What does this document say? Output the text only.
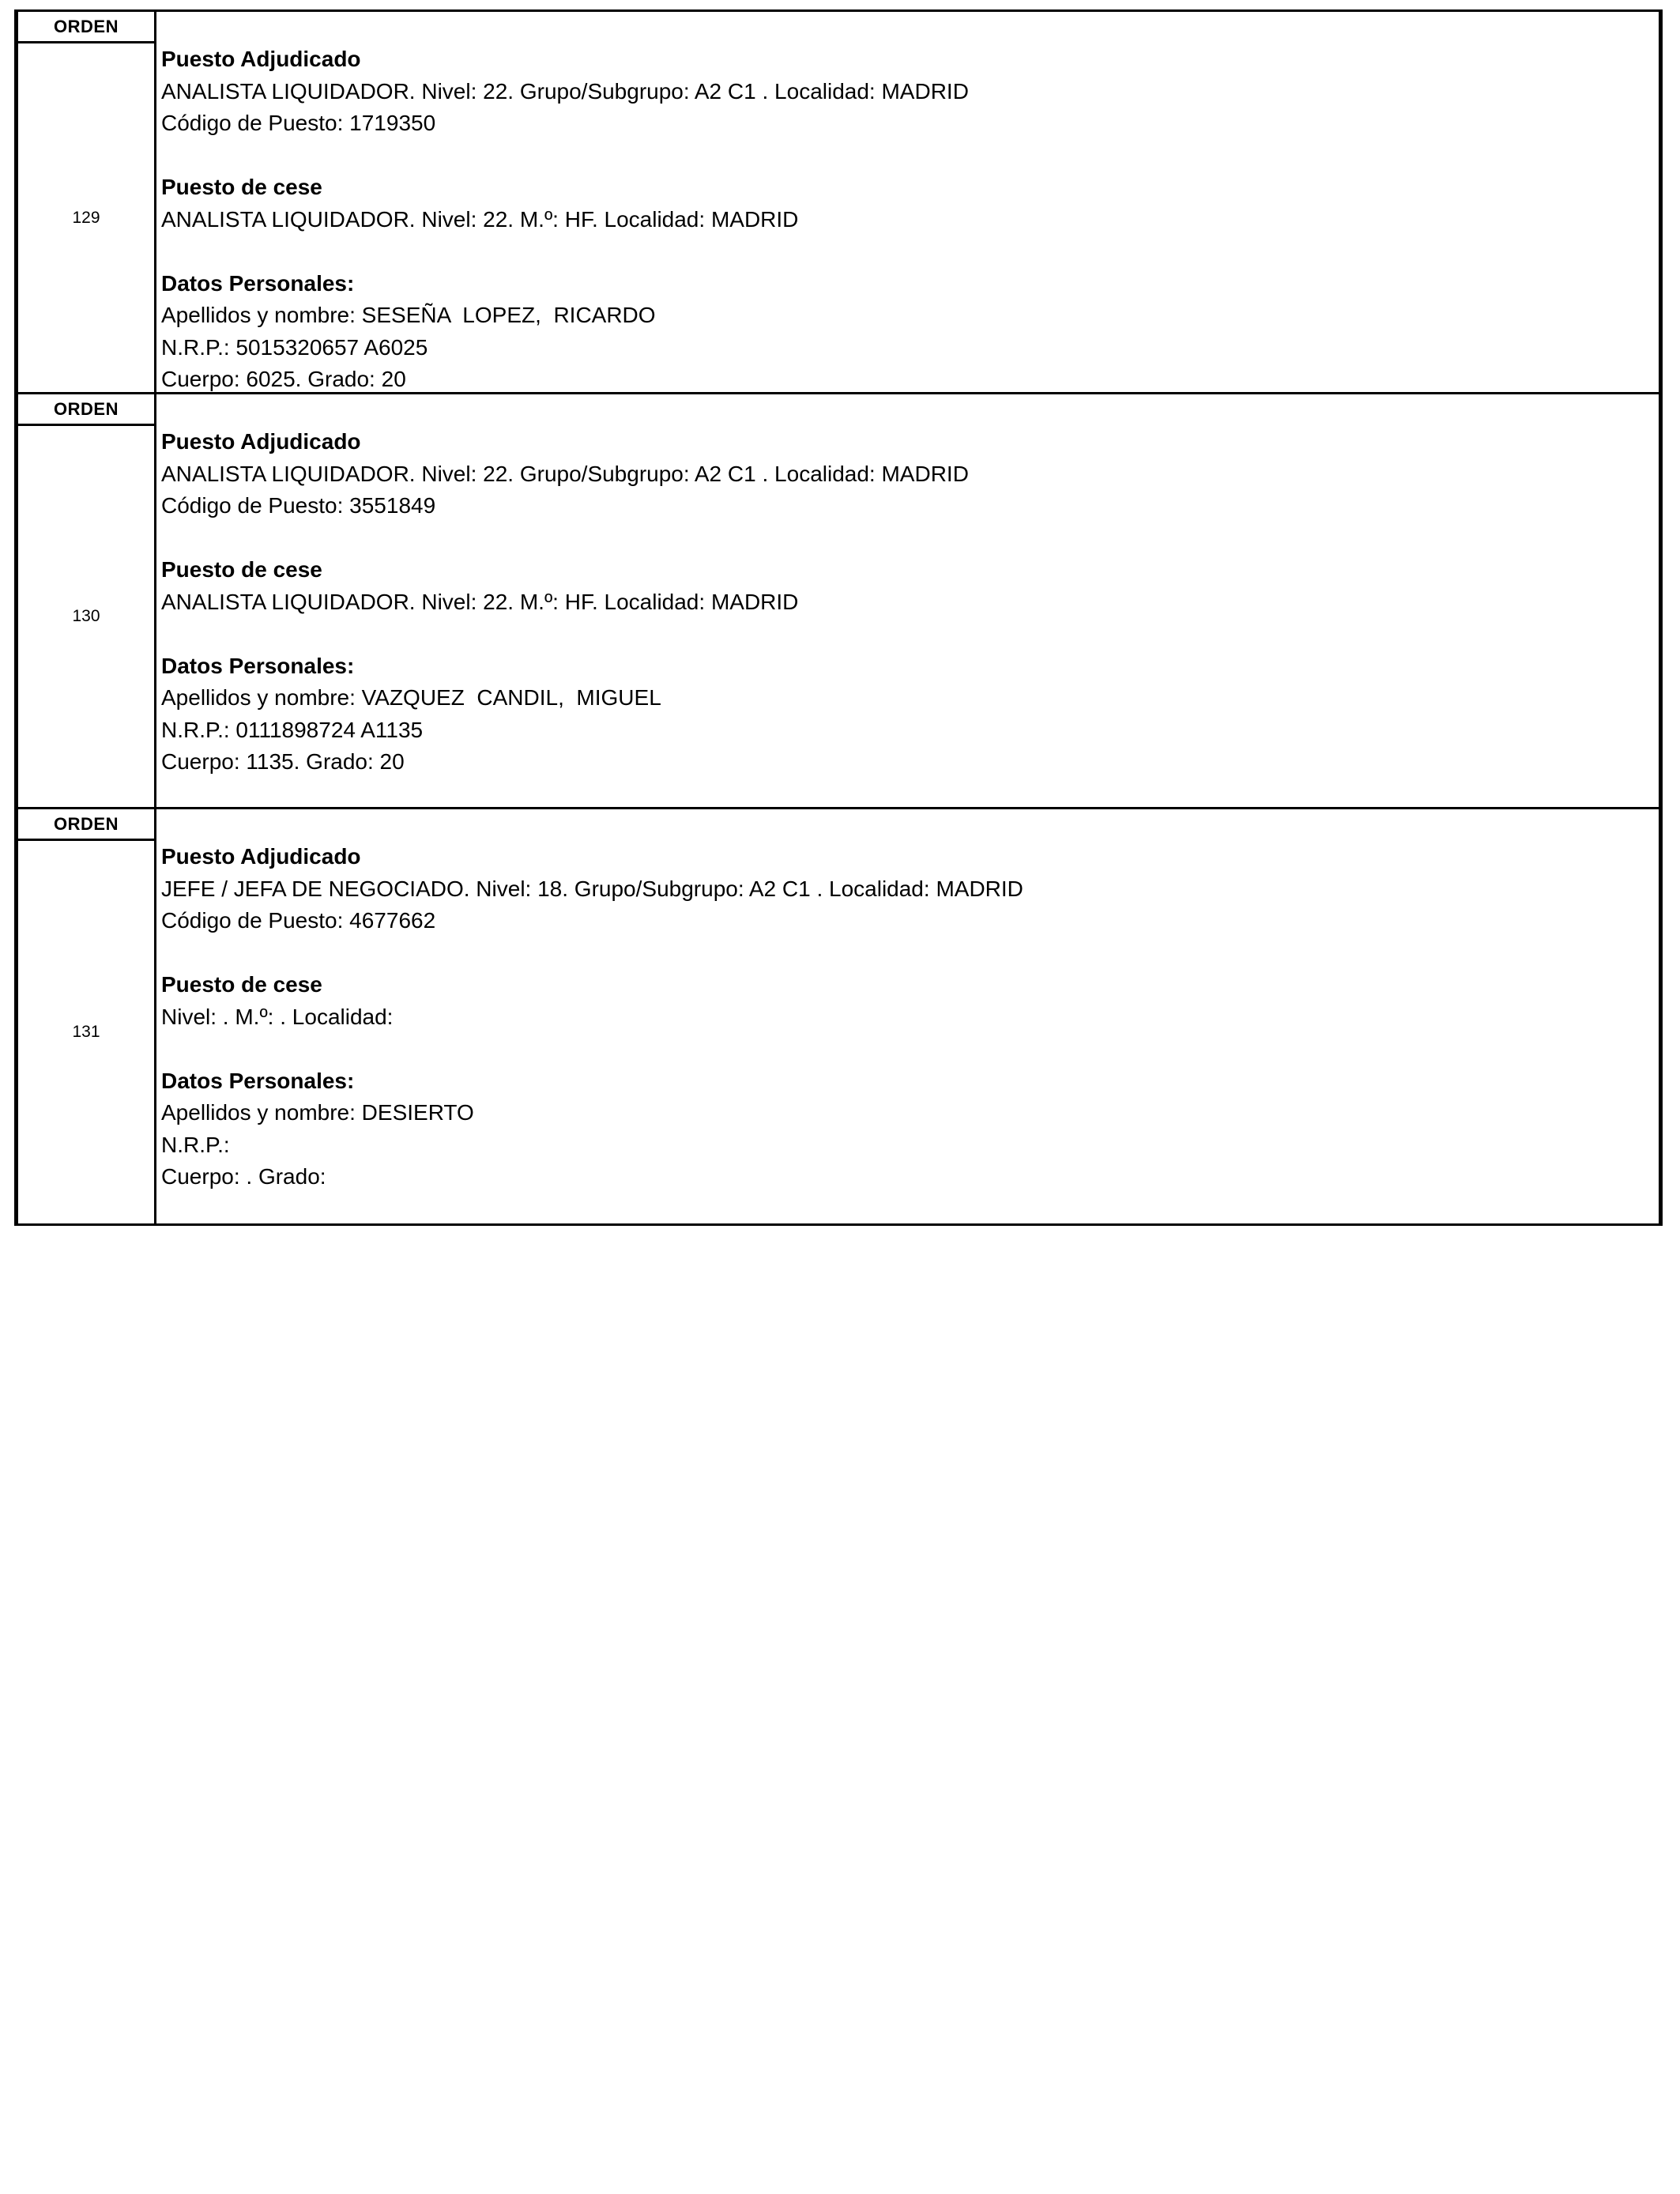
ORDEN
129
Puesto Adjudicado
ANALISTA LIQUIDADOR. Nivel: 22. Grupo/Subgrupo: A2 C1 . Localidad: MADRID
Código de Puesto: 1719350
Puesto de cese
ANALISTA LIQUIDADOR. Nivel: 22. M.º: HF. Localidad: MADRID
Datos Personales:
Apellidos y nombre: SESEÑA  LOPEZ,  RICARDO
N.R.P.: 5015320657 A6025
Cuerpo: 6025. Grado: 20
ORDEN
130
Puesto Adjudicado
ANALISTA LIQUIDADOR. Nivel: 22. Grupo/Subgrupo: A2 C1 . Localidad: MADRID
Código de Puesto: 3551849
Puesto de cese
ANALISTA LIQUIDADOR. Nivel: 22. M.º: HF. Localidad: MADRID
Datos Personales:
Apellidos y nombre: VAZQUEZ  CANDIL,  MIGUEL
N.R.P.: 0111898724 A1135
Cuerpo: 1135. Grado: 20
ORDEN
131
Puesto Adjudicado
JEFE / JEFA DE NEGOCIADO. Nivel: 18. Grupo/Subgrupo: A2 C1 . Localidad: MADRID
Código de Puesto: 4677662
Puesto de cese
Nivel: . M.º: . Localidad:
Datos Personales:
Apellidos y nombre: DESIERTO
N.R.P.:
Cuerpo: . Grado:
